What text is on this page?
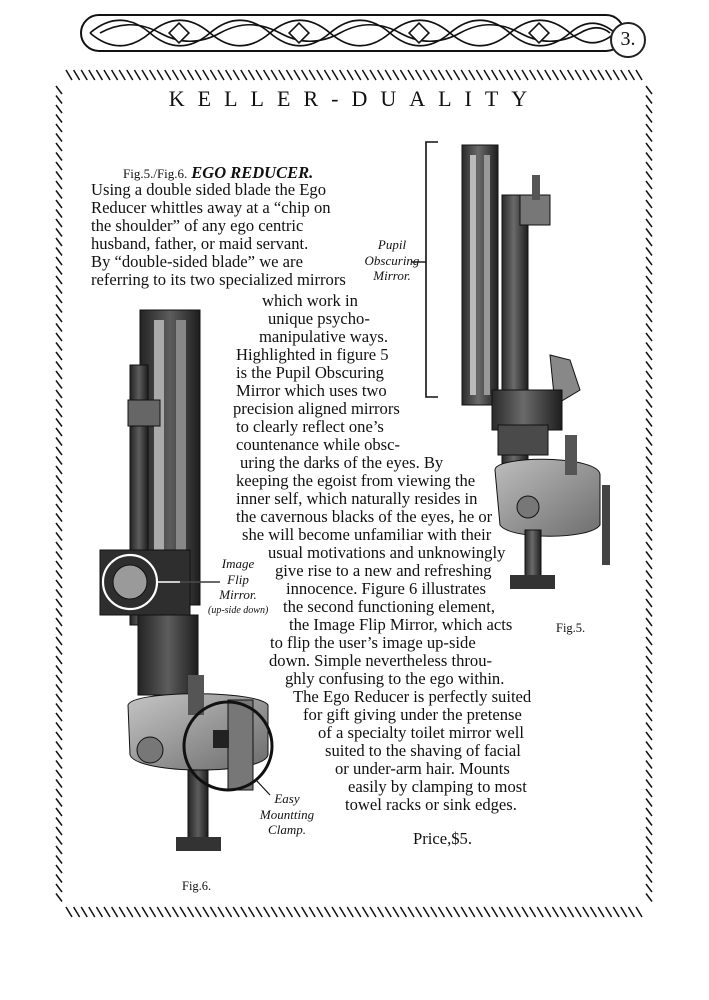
3.
KELLER-DUALITY
Fig.5./Fig.6. EGO REDUCER.
Using a double sided blade the Ego
Reducer whittles away at a “chip on
the shoulder” of any ego centric
husband, father, or maid servant.
By “double-sided blade” we are
referring to its two specialized mirrors
which work in
unique psycho-
manipulative ways.
Highlighted in figure 5
is the Pupil Obscuring
Mirror which uses two
precision aligned mirrors
to clearly reflect one’s
countenance while obsc-
uring the darks of the eyes. By
keeping the egoist from viewing the
inner self, which naturally resides in
the cavernous blacks of the eyes, he or
she will become unfamiliar with their
usual motivations and unknowingly
give rise to a new and refreshing
innocence. Figure 6 illustrates
the second functioning element,
the Image Flip Mirror, which acts
to flip the user’s image up-side
down. Simple nevertheless throu-
ghly confusing to the ego within.
The Ego Reducer is perfectly suited
for gift giving under the pretense
of a specialty toilet mirror well
suited to the shaving of facial
or under-arm hair. Mounts
easily by clamping to most
towel racks or sink edges.
Price,$5.
Pupil
Obscuring
Mirror.
Image
Flip
Mirror.
(up-side down)
Easy
Mountting
Clamp.
Fig.5.
Fig.6.
